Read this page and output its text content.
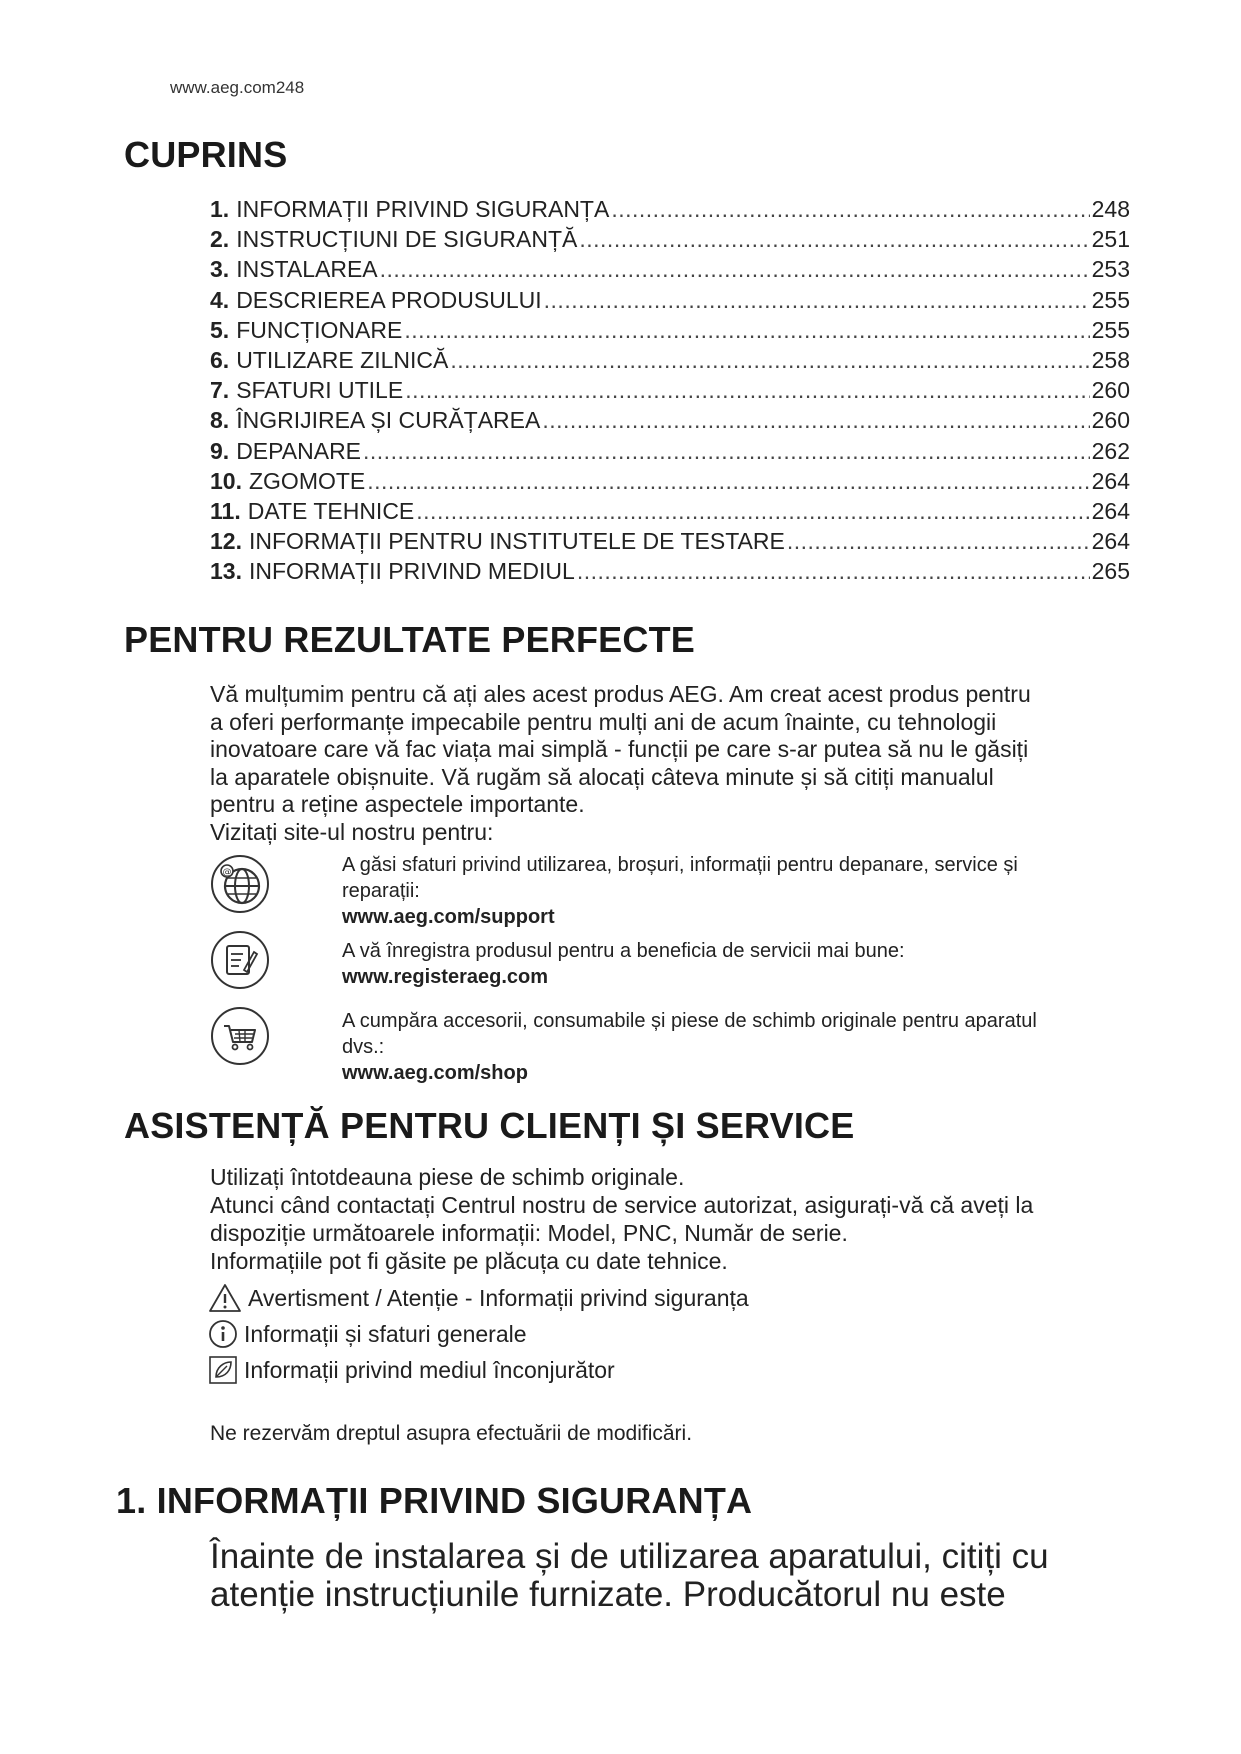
www.aeg.com248
CUPRINS
1. INFORMAȚII PRIVIND SIGURANȚA .....	248
2. INSTRUCȚIUNI DE SIGURANȚĂ .....	251
3. INSTALAREA .....	253
4. DESCRIEREA PRODUSULUI .....	255
5. FUNCȚIONARE .....	255
6. UTILIZARE ZILNICĂ .....	258
7. SFATURI UTILE .....	260
8. ÎNGRIJIREA ȘI CURĂȚAREA .....	260
9. DEPANARE .....	262
10. ZGOMOTE .....	264
11. DATE TEHNICE .....	264
12. INFORMAȚII PENTRU INSTITUTELE DE TESTARE .....	264
13. INFORMAȚII PRIVIND MEDIUL .....	265
PENTRU REZULTATE PERFECTE

Vă mulțumim pentru că ați ales acest produs AEG. Am creat acest produs pentru

a oferi performanțe impecabile pentru mulți ani de acum înainte, cu tehnologii

inovatoare care vă fac viața mai simplă - funcții pe care s-ar putea să nu le găsiți

la aparatele obișnuite. Vă rugăm să alocați câteva minute și să citiți manualul

pentru a reține aspectele importante.

Vizitați site-ul nostru pentru:

@	A găsi sfaturi privind utilizarea, broșuri, informații pentru depanare, service și
reparații:
www.aeg.com/support
A vă înregistra produsul pentru a beneficia de servicii mai bune:
www.registeraeg.com
A cumpăra accesorii, consumabile și piese de schimb originale pentru aparatul
dvs.:
www.aeg.com/shop
ASISTENȚĂ PENTRU CLIENȚI ȘI SERVICE

Utilizați întotdeauna piese de schimb originale.

Atunci când contactați Centrul nostru de service autorizat, asigurați-vă că aveți la

dispoziție următoarele informații: Model, PNC, Număr de serie.

Informațiile pot fi găsite pe plăcuța cu date tehnice.

Avertisment / Atenție - Informații privind siguranța
Informații și sfaturi generale
Informații privind mediul înconjurător
Ne rezervăm dreptul asupra efectuării de modificări.
1. INFORMAȚII PRIVIND SIGURANȚA
Înainte de instalarea și de utilizarea aparatului, citiți cu
atenție instrucțiunile furnizate. Producătorul nu este
